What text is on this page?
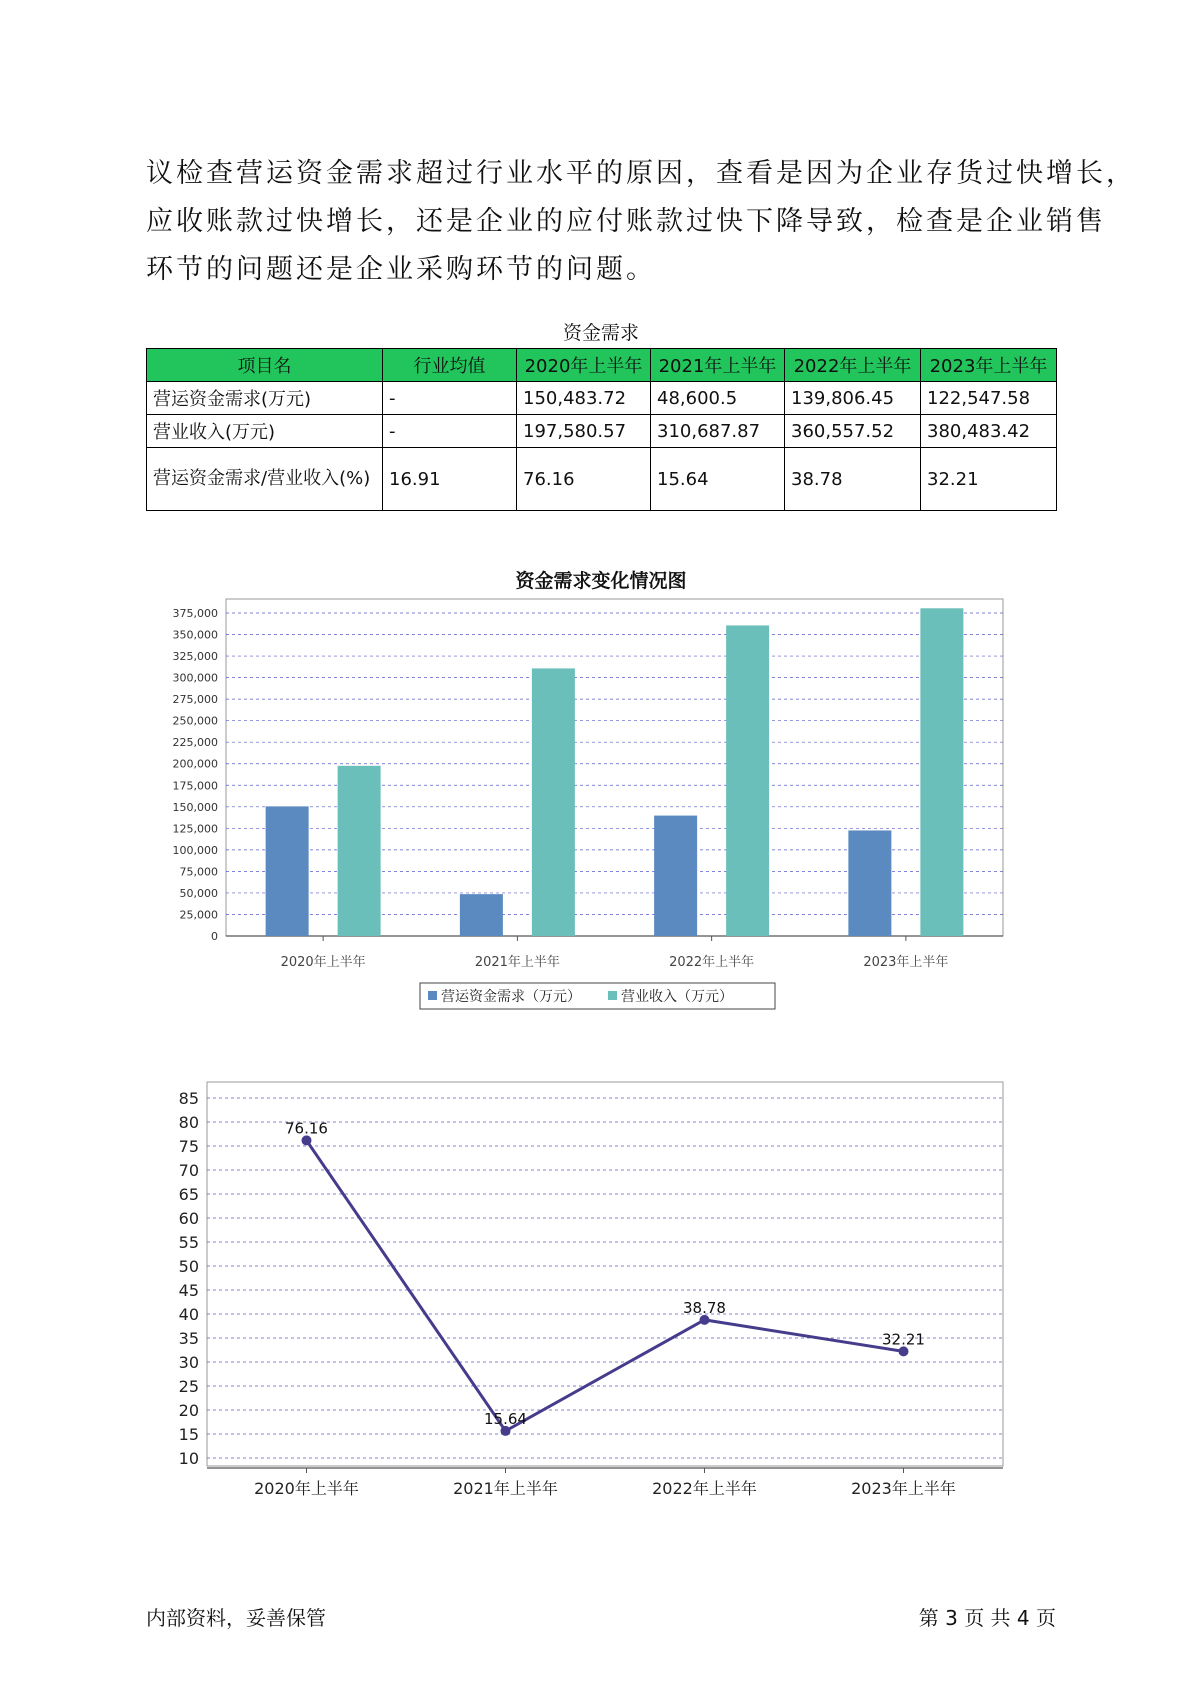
议检查营运资金需求超过行业水平的原因，查看是因为企业存货过快增长，
应收账款过快增长，还是企业的应付账款过快下降导致，检查是企业销售
环节的问题还是企业采购环节的问题。
资金需求
项目名	行业均值	2020年上半年	2021年上半年	2022年上半年	2023年上半年
营运资金需求(万元)	-	150,483.72	48,600.5	139,806.45	122,547.58
营业收入(万元)	-	197,580.57	310,687.87	360,557.52	380,483.42
营运资金需求/营业收入(%)	16.91	76.16	15.64	38.78	32.21
资金需求变化情况图
0
25,000
50,000
75,000
100,000
125,000
150,000
175,000
200,000
225,000
250,000
275,000
300,000
325,000
350,000
375,000
2020年上半年	2021年上半年	2022年上半年	2023年上半年
营运资金需求（万元）	营业收入（万元）
10
15
20
25
30
35
40
45
50
55
60
65
70
75
80
85
76.16
15.64
38.78
32.21
2020年上半年	2021年上半年	2022年上半年	2023年上半年
内部资料，妥善保管	第 3 页 共 4 页
